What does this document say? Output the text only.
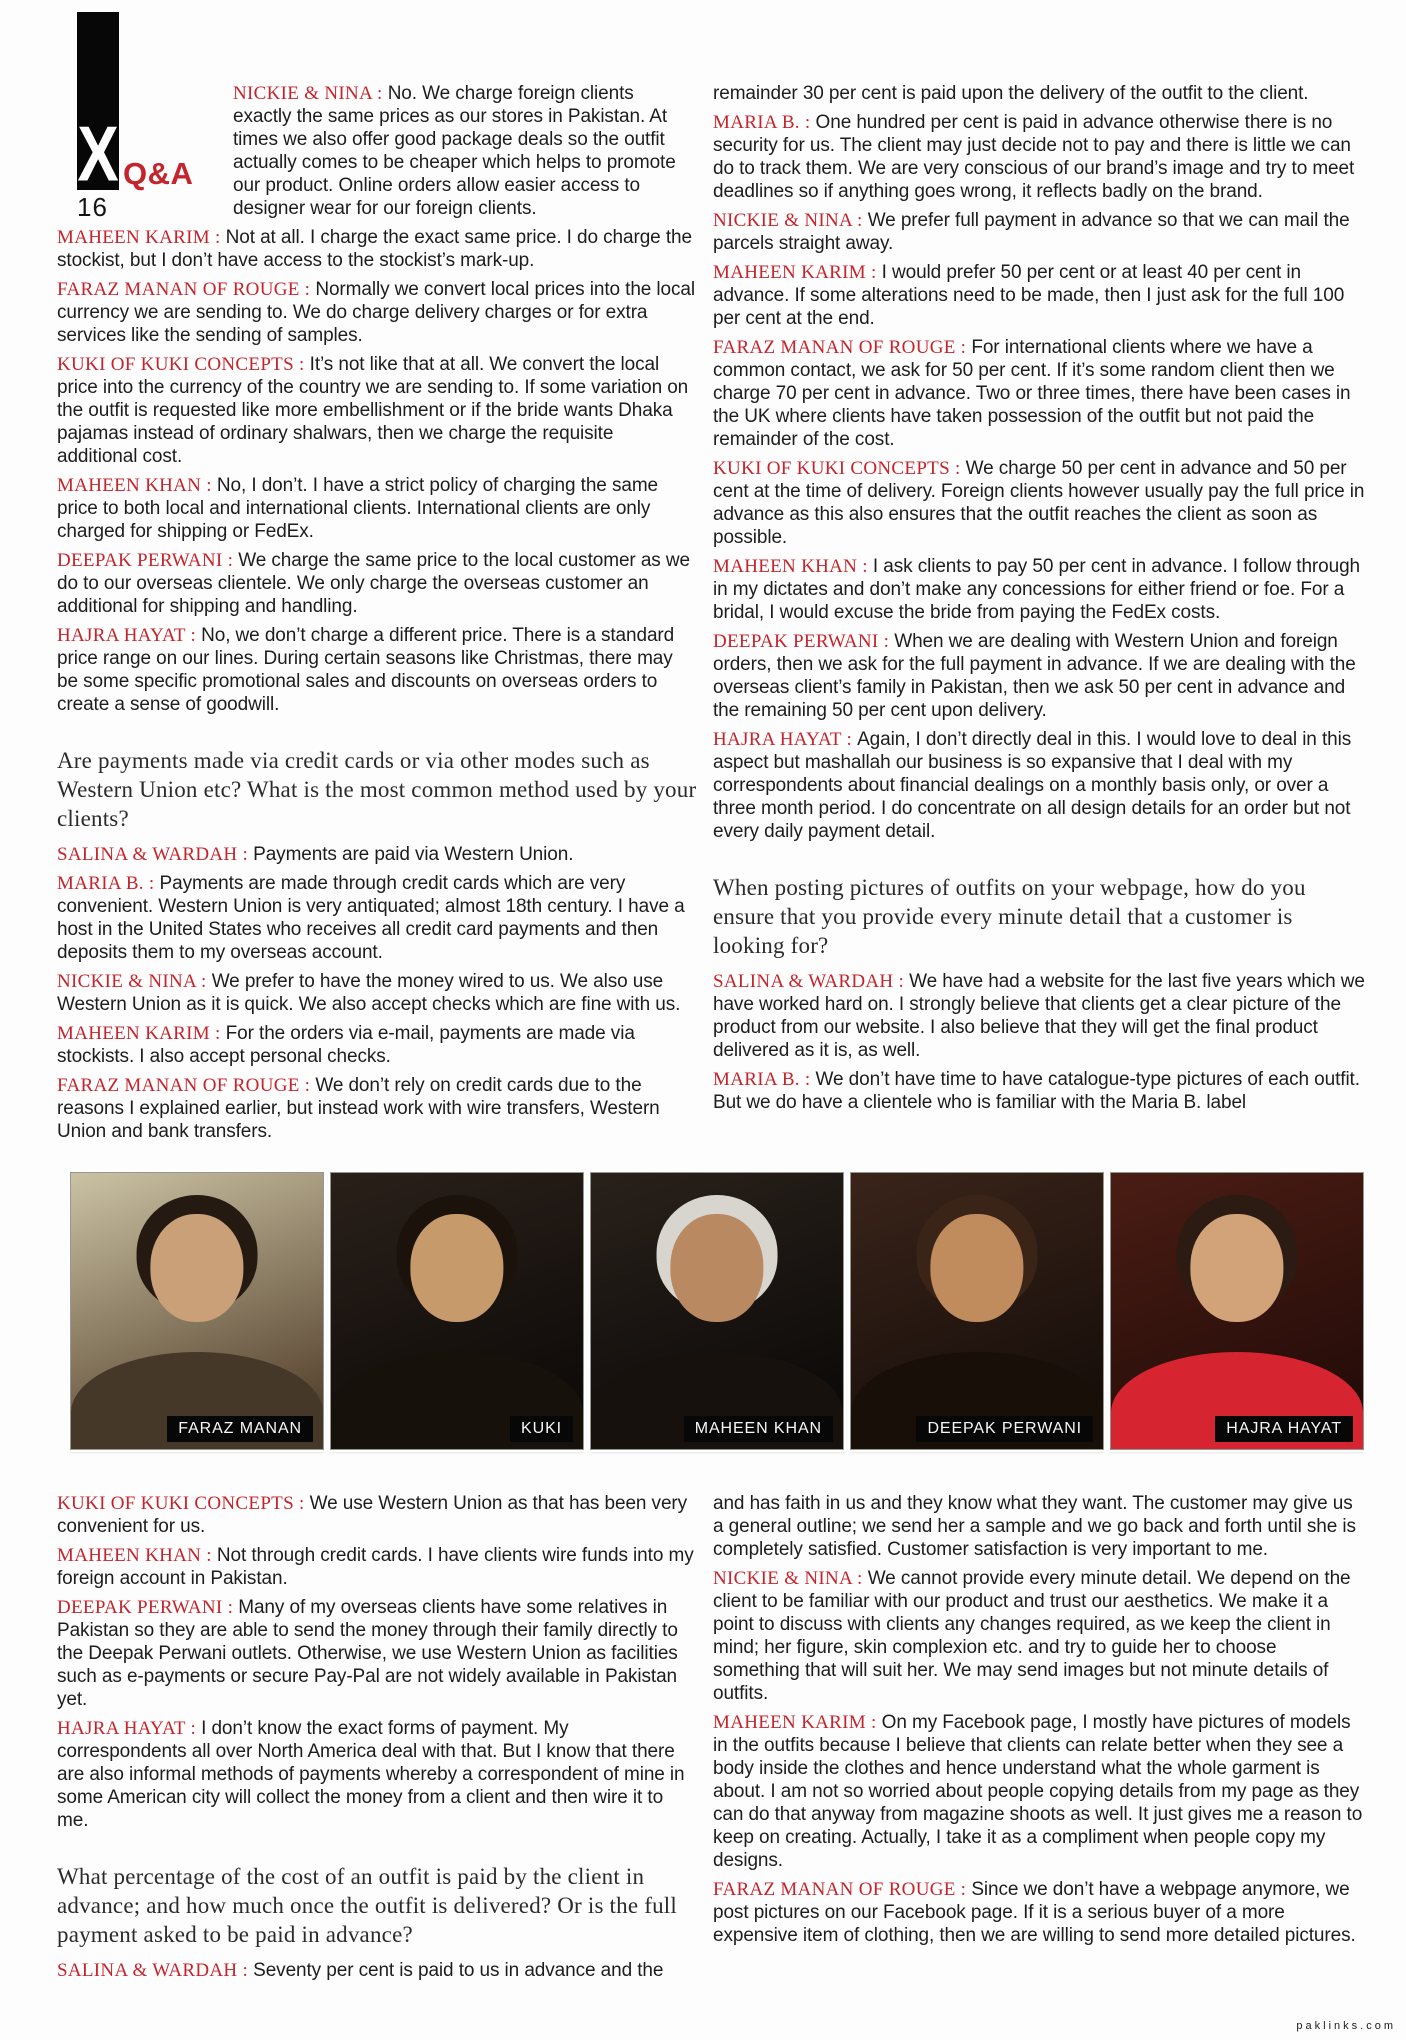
X Q&A
16

NICKIE & NINA : No. We charge foreign clients exactly the same prices as our stores in Pakistan. At times we also offer good package deals so the outfit actually comes to be cheaper which helps to promote our product. Online orders allow easier access to designer wear for our foreign clients.

MAHEEN KARIM : Not at all. I charge the exact same price. I do charge the stockist, but I don’t have access to the stockist’s mark-up.

FARAZ MANAN OF ROUGE : Normally we convert local prices into the local currency we are sending to. We do charge delivery charges or for extra services like the sending of samples.

KUKI OF KUKI CONCEPTS : It’s not like that at all. We convert the local price into the currency of the country we are sending to. If some variation on the outfit is requested like more embellishment or if the bride wants Dhaka pajamas instead of ordinary shalwars, then we charge the requisite additional cost.

MAHEEN KHAN : No, I don’t. I have a strict policy of charging the same price to both local and international clients. International clients are only charged for shipping or FedEx.

DEEPAK PERWANI : We charge the same price to the local customer as we do to our overseas clientele. We only charge the overseas customer an additional for shipping and handling.

HAJRA HAYAT : No, we don’t charge a different price. There is a standard price range on our lines. During certain seasons like Christmas, there may be some specific promotional sales and discounts on overseas orders to create a sense of goodwill.

Are payments made via credit cards or via other modes such as Western Union etc? What is the most common method used by your clients?

SALINA & WARDAH : Payments are paid via Western Union.

MARIA B. : Payments are made through credit cards which are very convenient. Western Union is very antiquated; almost 18th century. I have a host in the United States who receives all credit card payments and then deposits them to my overseas account.

NICKIE & NINA : We prefer to have the money wired to us. We also use Western Union as it is quick. We also accept checks which are fine with us.

MAHEEN KARIM : For the orders via e-mail, payments are made via stockists. I also accept personal checks.

FARAZ MANAN OF ROUGE : We don’t rely on credit cards due to the reasons I explained earlier, but instead work with wire transfers, Western Union and bank transfers.

remainder 30 per cent is paid upon the delivery of the outfit to the client.

MARIA B. : One hundred per cent is paid in advance otherwise there is no security for us. The client may just decide not to pay and there is little we can do to track them. We are very conscious of our brand’s image and try to meet deadlines so if anything goes wrong, it reflects badly on the brand.

NICKIE & NINA : We prefer full payment in advance so that we can mail the parcels straight away.

MAHEEN KARIM : I would prefer 50 per cent or at least 40 per cent in advance. If some alterations need to be made, then I just ask for the full 100 per cent at the end.

FARAZ MANAN OF ROUGE : For international clients where we have a common contact, we ask for 50 per cent. If it’s some random client then we charge 70 per cent in advance. Two or three times, there have been cases in the UK where clients have taken possession of the outfit but not paid the remainder of the cost.

KUKI OF KUKI CONCEPTS : We charge 50 per cent in advance and 50 per cent at the time of delivery. Foreign clients however usually pay the full price in advance as this also ensures that the outfit reaches the client as soon as possible.

MAHEEN KHAN : I ask clients to pay 50 per cent in advance. I follow through in my dictates and don’t make any concessions for either friend or foe. For a bridal, I would excuse the bride from paying the FedEx costs.

DEEPAK PERWANI : When we are dealing with Western Union and foreign orders, then we ask for the full payment in advance. If we are dealing with the overseas client’s family in Pakistan, then we ask 50 per cent in advance and the remaining 50 per cent upon delivery.

HAJRA HAYAT : Again, I don’t directly deal in this. I would love to deal in this aspect but mashallah our business is so expansive that I deal with my correspondents about financial dealings on a monthly basis only, or over a three month period. I do concentrate on all design details for an order but not every daily payment detail.

When posting pictures of outfits on your webpage, how do you ensure that you provide every minute detail that a customer is looking for?

SALINA & WARDAH : We have had a website for the last five years which we have worked hard on. I strongly believe that clients get a clear picture of the product from our website. I also believe that they will get the final product delivered as it is, as well.

MARIA B. : We don’t have time to have catalogue-type pictures of each outfit. But we do have a clientele who is familiar with the Maria B. label

FARAZ MANAN	KUKI	MAHEEN KHAN	DEEPAK PERWANI	HAJRA HAYAT

KUKI OF KUKI CONCEPTS : We use Western Union as that has been very convenient for us.

MAHEEN KHAN : Not through credit cards. I have clients wire funds into my foreign account in Pakistan.

DEEPAK PERWANI : Many of my overseas clients have some relatives in Pakistan so they are able to send the money through their family directly to the Deepak Perwani outlets. Otherwise, we use Western Union as facilities such as e-payments or secure Pay-Pal are not widely available in Pakistan yet.

HAJRA HAYAT : I don’t know the exact forms of payment. My correspondents all over North America deal with that. But I know that there are also informal methods of payments whereby a correspondent of mine in some American city will collect the money from a client and then wire it to me.

What percentage of the cost of an outfit is paid by the client in advance; and how much once the outfit is delivered? Or is the full payment asked to be paid in advance?

SALINA & WARDAH : Seventy per cent is paid to us in advance and the

and has faith in us and they know what they want. The customer may give us a general outline; we send her a sample and we go back and forth until she is completely satisfied. Customer satisfaction is very important to me.

NICKIE & NINA : We cannot provide every minute detail. We depend on the client to be familiar with our product and trust our aesthetics. We make it a point to discuss with clients any changes required, as we keep the client in mind; her figure, skin complexion etc. and try to guide her to choose something that will suit her. We may send images but not minute details of outfits.

MAHEEN KARIM : On my Facebook page, I mostly have pictures of models in the outfits because I believe that clients can relate better when they see a body inside the clothes and hence understand what the whole garment is about. I am not so worried about people copying details from my page as they can do that anyway from magazine shoots as well. It just gives me a reason to keep on creating. Actually, I take it as a compliment when people copy my designs.

FARAZ MANAN OF ROUGE : Since we don’t have a webpage anymore, we post pictures on our Facebook page. If it is a serious buyer of a more expensive item of clothing, then we are willing to send more detailed pictures.

paklinks.com
